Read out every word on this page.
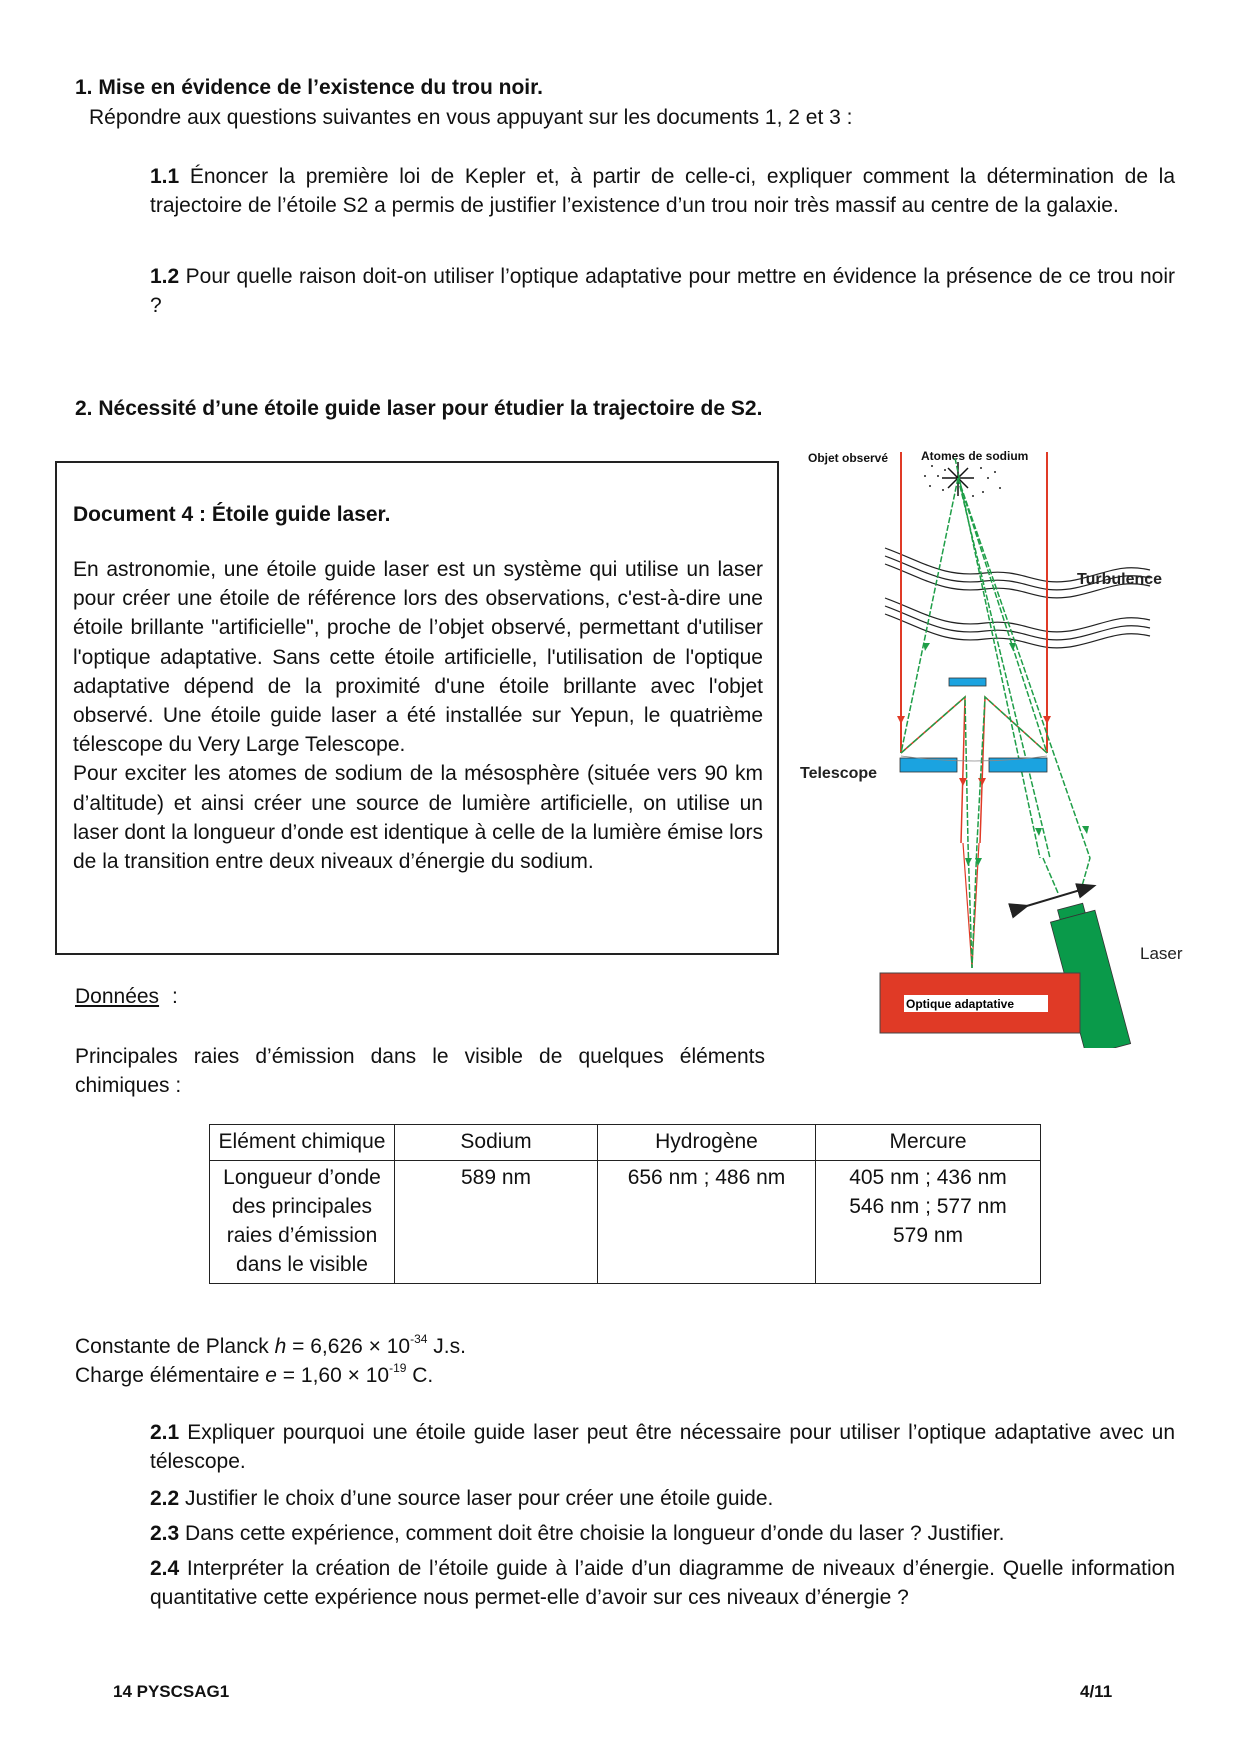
1. Mise en évidence de l’existence du trou noir.
Répondre aux questions suivantes en vous appuyant sur les documents 1, 2 et 3 :
1.1 Énoncer la première loi de Kepler et, à partir de celle-ci, expliquer comment la détermination de la trajectoire de l’étoile S2 a permis de justifier l’existence d’un trou noir très massif au centre de la galaxie.
1.2 Pour quelle raison doit-on utiliser l’optique adaptative pour mettre en évidence la présence de ce trou noir ?
2. Nécessité d’une étoile guide laser pour étudier la trajectoire de S2.
Document 4 : Étoile guide laser.
En astronomie, une étoile guide laser est un système qui utilise un laser pour créer une étoile de référence lors des observations, c'est-à-dire une étoile brillante "artificielle", proche de l’objet observé, permettant d'utiliser l'optique adaptative. Sans cette étoile artificielle, l'utilisation de l'optique adaptative dépend de la proximité d'une étoile brillante avec l'objet observé. Une étoile guide laser a été installée sur Yepun, le quatrième télescope du Very Large Telescope.
Pour exciter les atomes de sodium de la mésosphère (située vers 90 km d’altitude) et ainsi créer une source de lumière artificielle, on utilise un laser dont la longueur d’onde est identique à celle de la lumière émise lors de la transition entre deux niveaux d’énergie du sodium.
Objet observé	Atomes de sodium
Turbulence
Telescope
Laser
Optique adaptative
Données :
Principales raies d’émission dans le visible de quelques éléments chimiques :
Elément chimique	Sodium	Hydrogène	Mercure
Longueur d’onde des principales raies d’émission dans le visible	589 nm	656 nm ; 486 nm	405 nm ; 436 nm
546 nm ; 577 nm
579 nm
Constante de Planck $h = 6,626 \times 10^{-34}$ J.s.
Charge élémentaire $e = 1,60 \times 10^{-19}$ C.
2.1 Expliquer pourquoi une étoile guide laser peut être nécessaire pour utiliser l’optique adaptative avec un télescope.
2.2 Justifier le choix d’une source laser pour créer une étoile guide.
2.3 Dans cette expérience, comment doit être choisie la longueur d’onde du laser ? Justifier.
2.4 Interpréter la création de l’étoile guide à l’aide d’un diagramme de niveaux d’énergie. Quelle information quantitative cette expérience nous permet-elle d’avoir sur ces niveaux d’énergie ?
14 PYSCSAG1	4/11
